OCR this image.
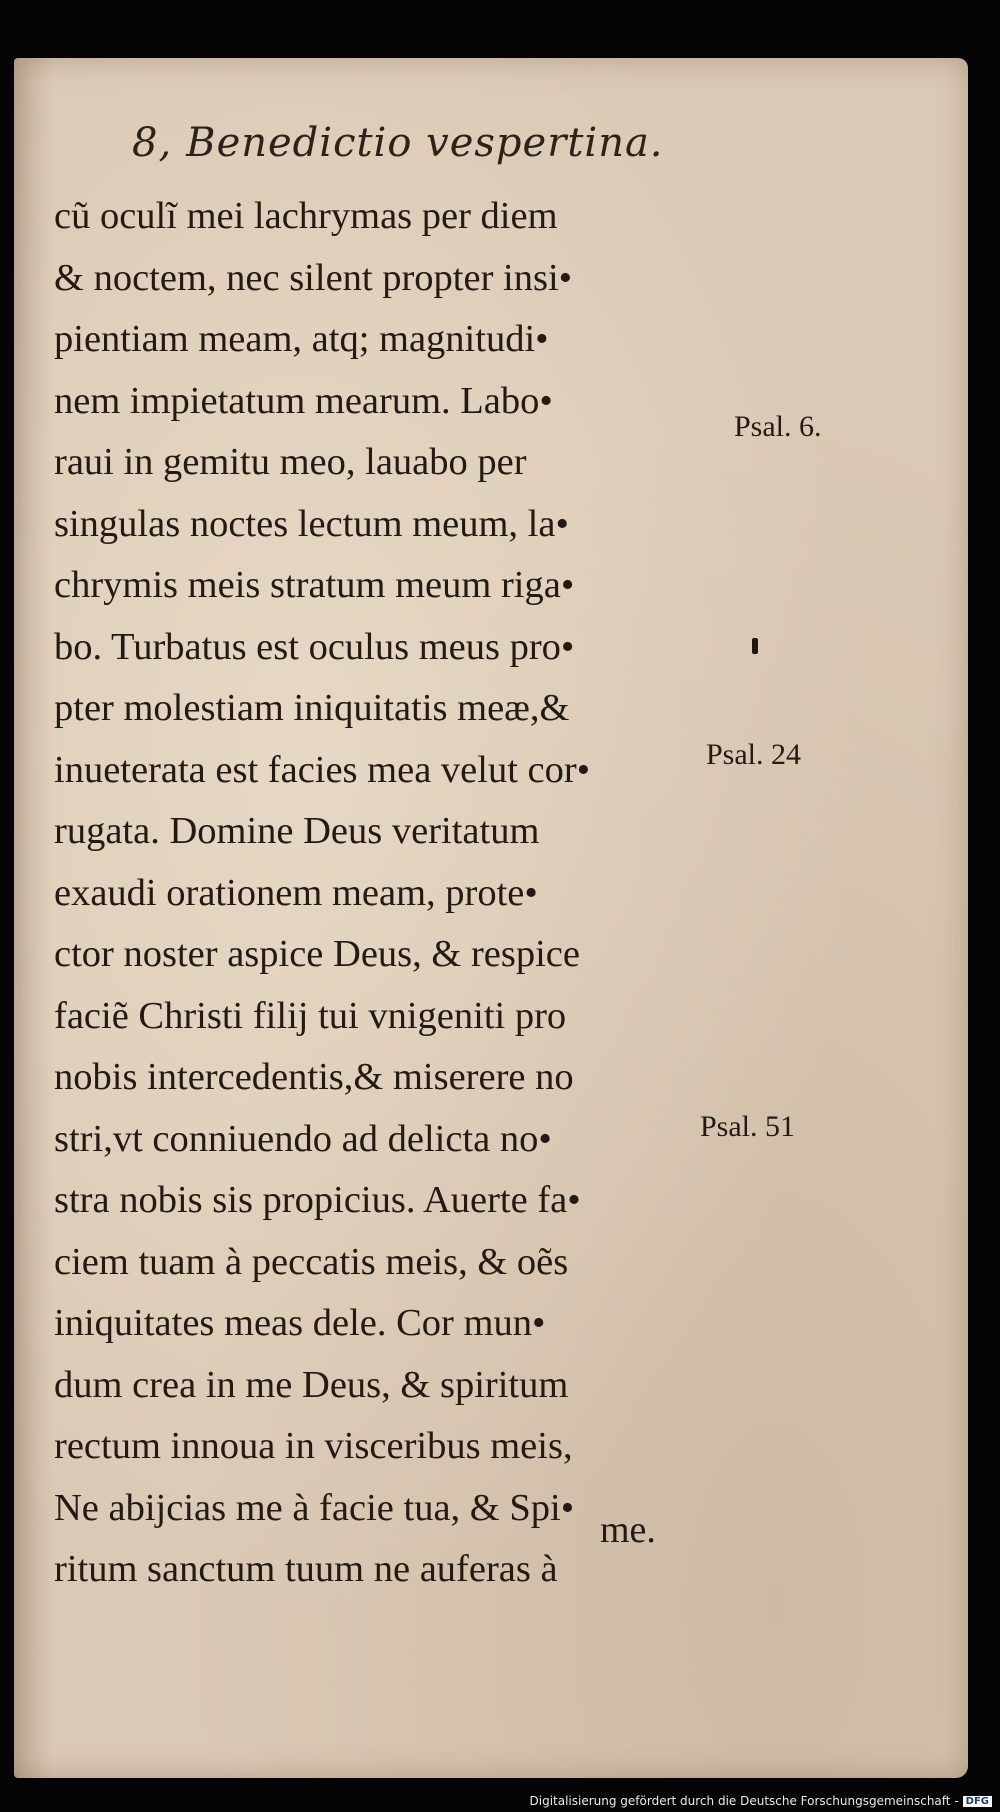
8, Benedictio vespertina.
cũ oculĩ mei lachrymas per diem
& noctem, nec silent propter insi•
pientiam meam, atq; magnitudi•
nem impietatum mearum. Labo•
raui in gemitu meo, lauabo per
singulas noctes lectum meum, la•
chrymis meis stratum meum riga•
bo. Turbatus est oculus meus pro•
pter molestiam iniquitatis meæ,&
inueterata est facies mea velut cor•
rugata. Domine Deus veritatum
exaudi orationem meam, prote•
ctor noster aspice Deus, & respice
faciẽ Christi filij tui vnigeniti pro
nobis intercedentis,& miserere no
stri,vt conniuendo ad delicta no•
stra nobis sis propicius. Auerte fa•
ciem tuam à peccatis meis, & oẽs
iniquitates meas dele. Cor mun•
dum crea in me Deus, & spiritum
rectum innoua in visceribus meis,
Ne abijcias me à facie tua, & Spi•
ritum sanctum tuum ne auferas à
me.
Psal. 6.
Psal. 24
Psal. 51
Digitalisierung gefördert durch die Deutsche Forschungsgemeinschaft - DFG
